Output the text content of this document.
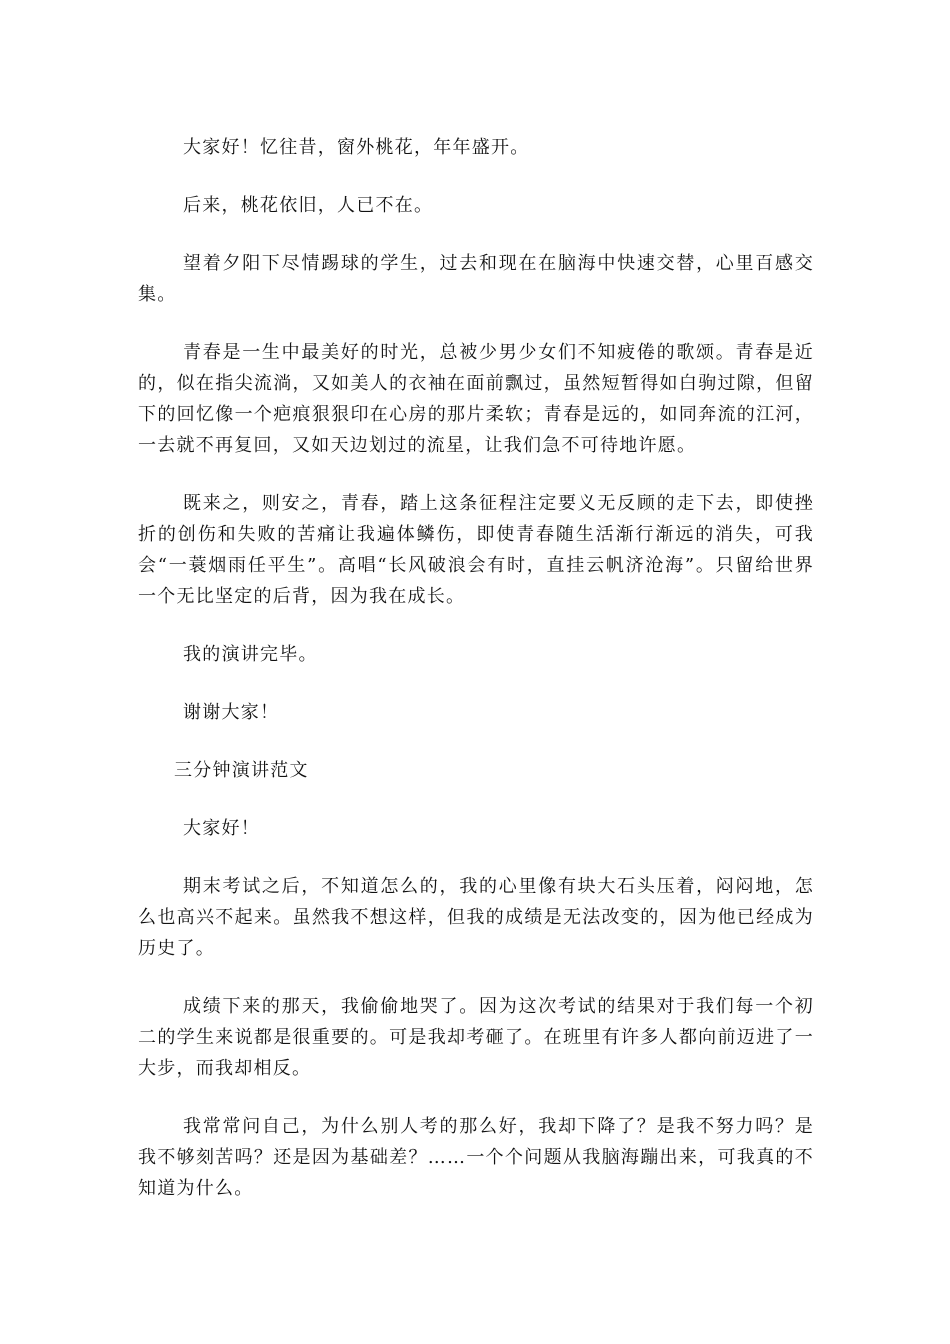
大家好！忆往昔，窗外桃花，年年盛开。

后来，桃花依旧，人已不在。

望着夕阳下尽情踢球的学生，过去和现在在脑海中快速交替，心里百感交集。

青春是一生中最美好的时光，总被少男少女们不知疲倦的歌颂。青春是近的，似在指尖流淌，又如美人的衣袖在面前飘过，虽然短暂得如白驹过隙，但留下的回忆像一个疤痕狠狠印在心房的那片柔软；青春是远的，如同奔流的江河，一去就不再复回，又如天边划过的流星，让我们急不可待地许愿。

既来之，则安之，青春，踏上这条征程注定要义无反顾的走下去，即使挫折的创伤和失败的苦痛让我遍体鳞伤，即使青春随生活渐行渐远的消失，可我会“一蓑烟雨任平生”。高唱“长风破浪会有时，直挂云帆济沧海”。只留给世界一个无比坚定的后背，因为我在成长。

我的演讲完毕。

谢谢大家！

三分钟演讲范文

大家好！

期末考试之后，不知道怎么的，我的心里像有块大石头压着，闷闷地，怎么也高兴不起来。虽然我不想这样，但我的成绩是无法改变的，因为他已经成为历史了。

成绩下来的那天，我偷偷地哭了。因为这次考试的结果对于我们每一个初二的学生来说都是很重要的。可是我却考砸了。在班里有许多人都向前迈进了一大步，而我却相反。

我常常问自己，为什么别人考的那么好，我却下降了？是我不努力吗？是我不够刻苦吗？还是因为基础差？……一个个问题从我脑海蹦出来，可我真的不知道为什么。
